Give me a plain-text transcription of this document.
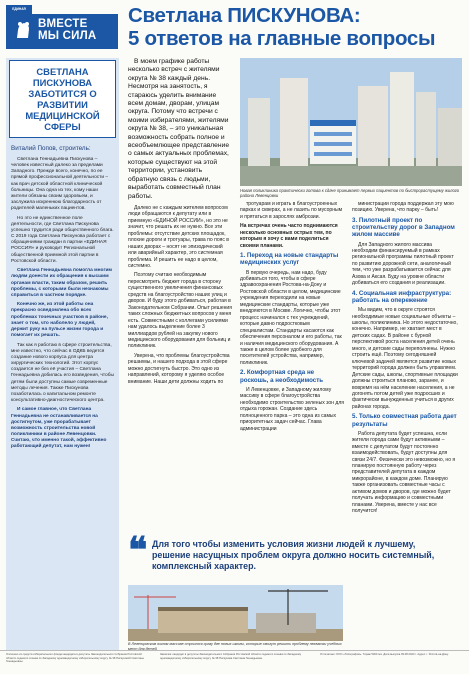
ЕДИНАЯ
ВМЕСТЕ
МЫ СИЛА
Светлана ПИСКУНОВА:
5 ответов на главные вопросы
СВЕТЛАНА ПИСКУНОВА ЗАБОТИТСЯ О РАЗВИТИИ МЕДИЦИНСКОЙ СФЕРЫ
Виталий Попов, строитель:

Светлана Геннадьевна Пискунова – человек известный далеко за пределами Западного. Прежде всего, конечно, по ее прямой профессиональной деятельности – как врач детской областной клинической больницы. Она одна из тех, кому наши жители обязаны своим здоровьем, и заслужила искреннюю благодарность от родителей маленьких пациентов.

Но это не единственное поле деятельности, где Светлана Пискунова успешно трудится ради общественного блага. С 2019 года Светлана Пискунова работает с обращениями граждан в партии «ЕДИНАЯ РОССИЯ» и руководит Региональной общественной приемной этой партии в Ростовской области.

Светлана Геннадьевна помогла многим людям донести их обращения к высшим органам власти, таким образом, решить проблемы, с которыми были незнакомы справиться в частном порядке.

Конечно же, из этой работы она прекрасно осведомлена обо всех проблемах точечных участков в районе, знает о том, что наболело у людей, держит руку на пульсе жизни города и помогает их решать.

Так как я работаю в сфере строительства, мне известно, что сейчас в ОДКБ ведется создание нового корпуса для центра хирургических технологий. Этот корпус создается не без её участия – Светлана Геннадьевна добилась его возведения, чтобы детям были доступны самые современные методы лечения. Также Пискунова позаботилась о капитальном ремонте консультативно-диагностического центра.

И самое главное, что Светлана Геннадьевна не останавливается на достигнутом, уже прорабатывает возможность строительства новой поликлиники в районе Левенцовки. Считаю, что именно такой, эффективно работающий депутат, нам нужен!

В моем графике работы несколько встреч с жителями округа № 38 каждый день. Несмотря на занятость, я стараюсь уделить внимание всем домам, дворам, улицам округа. Потому что встречи с моими избирателями, жителями округа № 38, – это уникальная возможность собрать полное и всеобъемлющее представление о самых актуальных проблемах, которые существуют на этой территории, установить обратную связь с людьми, выработать совместный план работы.

Далеко не с каждым жителем вопросом люди обращаются к депутату или в приемную «ЕДИНОЙ РОССИИ», но это не значит, что решать их не нужно. Все эти проблемы: отсутствие детских площадок, плохие дороги и тротуары, трава по пояс в наших дворах – носят не эпизодический или аварийный характер, это системная проблема. И решить ее надо в целом, системно.

Поэтому считаю необходимым пересмотреть бюджет города в сторону существенного увеличения финансовых средств на благоустройство наших улиц и дворов. И буду этого добиваться, работая в Законодательном Собрании. Опыт решения таких сложных бюджетных вопросов у меня есть. Совместными с коллегами усилиями нам удалось выделение более 3 миллиардов рублей на закупку нового медицинского оборудования для больниц и поликлиник.

Уверена, что проблемы благоустройства решаемы, и нашего подхода в этой сфере можно достигнуть быстро. Это одно из направлений, которому я уделяю особое внимание. Наши дети должны ходить по

Новая поликлиника практически готова к сдаче принимает первых пациентов по быстрорастущему жилого района Левенцовки

тротуарам и играть в благоустроенных парках и скверах, а не лазить по мусорным и прятаться в зарослях амброзии.

На встречах очень часто поднимаются несколько основных острых тем, по которым я хочу с вами поделиться своими планами.

1. Переход на новые стандарты медицинских услуг

В первую очередь, нам надо, буду добиваться того, чтобы в сфере здравоохранения Ростова-на-Дону и Ростовской области в целом, медицинские учреждения переходили на новые медицинские стандарты, которые уже внедряются в Москве. Логично, чтобы этот процесс начинался с тех учреждений, которые давно подростковым специалистам. Стандарты касаются как обеспечения персоналом и его работы, так и наличия медицинского оборудования. А также в целом более удобного для посетителей устройства, например, поликлиник.

2. Комфортная среда не роскошь, а необходимость

И Левенцовке, и Западному жилому массиву в сфере благоустройства необходимо строительство зеленых зон для отдыха горожан. Создание здесь полноценного парка – это одна из самых приоритетных задач сейчас. Глава администрации

министрации города поддержал эту мою позицию. Уверена, что парку – быть!

3. Пилотный проект по строительству дорог в Западном жилом массиве

Для Западного жилого массива необходим финансируемый в рамках региональной программы пилотный проект по развитию дорожной сети, аналогичный тем, что уже разрабатывается сейчас для Азова и Аксая. Буду на уровне области добиваться его создания и реализации.

4. Социальная инфраструктура: работать на опережение

Мы видим, что в округе строятся необходимые новые социальные объекты – школы, поликлиника. Но этого недостаточно, конечно. Например, не хватает мест в детских садах. В районе с бурной перспективой роста населения детей очень много, и детские сады переполнены. Нужно строить ещё. Поэтому сегодняшней ключевой задачей является развитие новых территорий города должен быть управляем. Детские сады, школы, спортивные площадки должны строиться планово, заранее, и вовремя на нём население населения, а не догонять потом детей уже подросших и фактически вынужденных учиться в других районах города.

5. Только совместная работа дает результаты

Работа депутата будет успешна, если жители города сами будут активными – вместе с депутатом будут постоянно взаимодействовать, будут доступны для связи 24/7. Физически это невозможно, но я планирую постоянную работу через представителей депутата в каждом микрорайоне, в каждом доме. Планирую также организовать совместные часы с активом домов и дворов, где можно будет получать информацию и совместными планами. Уверена, вместе у нас все получится!

❝ Для того чтобы изменить условия жизни людей к лучшему, решение насущных проблем округа должно носить системный, комплексный характер.
В Левенцовском жилом массиве строится сразу две новых школы, которые смогут решить проблему нехватки учебных мест для детей
Оплачено из средств избирательного фонда кандидата в депутаты Законодательного Собрания Ростовской области седьмого созыва по Западному одномандатному избирательному округу № 38 Пискуновой Светланы Геннадьевны.
Заказчик: кандидат в депутаты Законодательного Собрания Ростовской области седьмого созыва по Западному одномандатному избирательному округу № 38 Пискунова Светлана Геннадьевна.
Отпечатано: ООО «Типография». Тираж 5000 экз. Дата выпуска 09.08.2023 г. Адрес: г. Ростов-на-Дону.
